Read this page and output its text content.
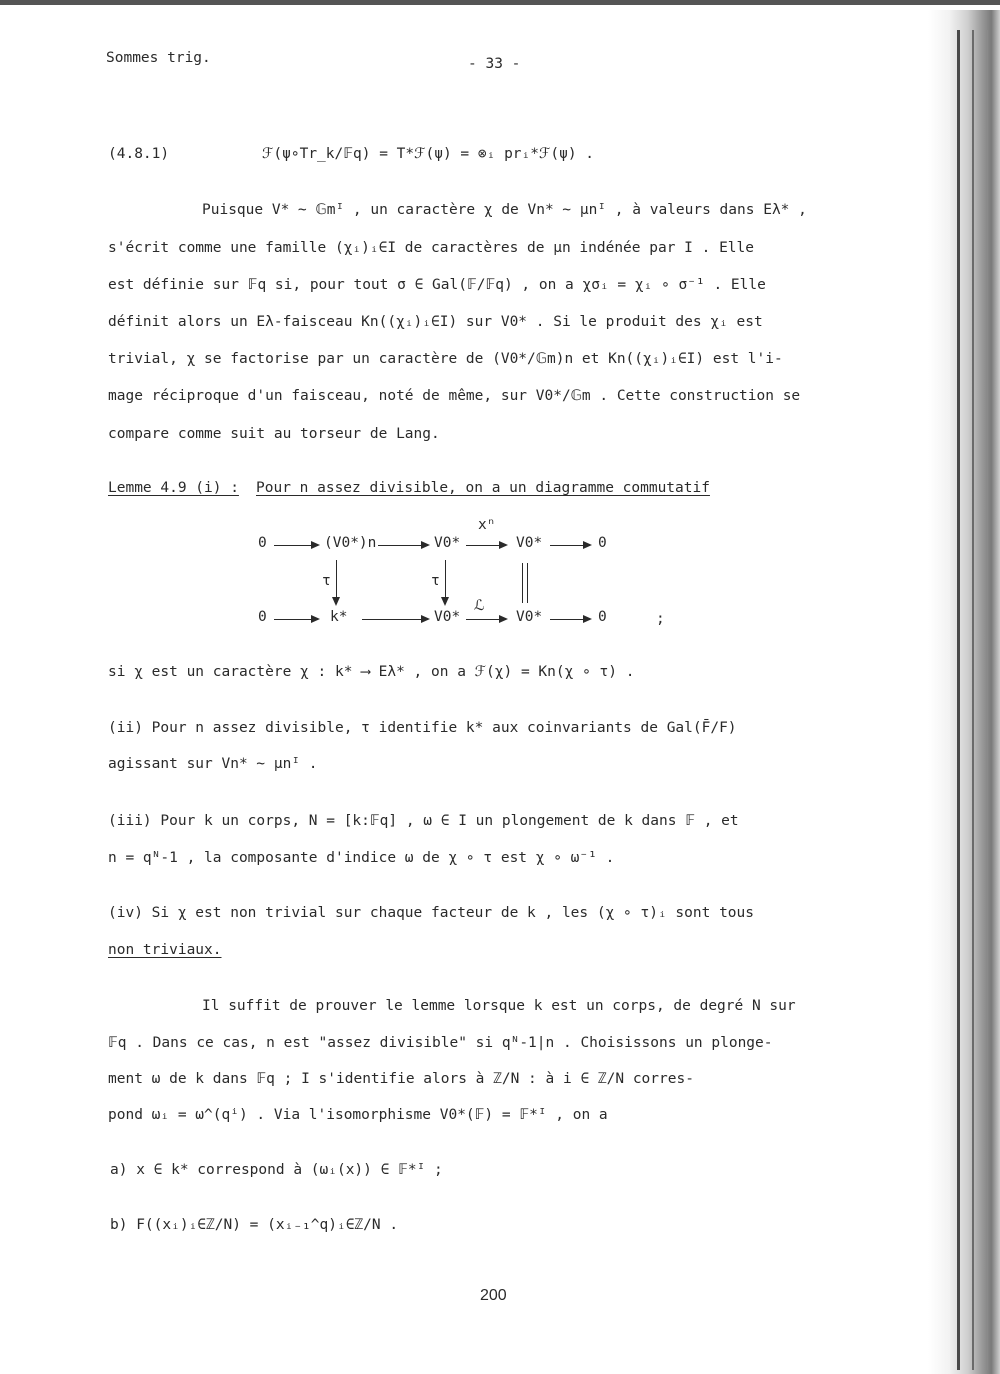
Sommes trig.	- 33 -
(4.8.1)	ℱ(ψ∘Tr_k/𝔽q) = T*ℱ(ψ) = ⊗ᵢ prᵢ*ℱ(ψ) .
Puisque V* ∼ 𝔾mᴵ , un caractère χ de Vn* ∼ μnᴵ , à valeurs dans Eλ* ,
s'écrit comme une famille (χᵢ)ᵢ∈I de caractères de μn indénée par I . Elle
est définie sur 𝔽q si, pour tout σ ∈ Gal(𝔽/𝔽q) , on a χσᵢ = χᵢ ∘ σ⁻¹ . Elle
définit alors un Eλ-faisceau Kn((χᵢ)ᵢ∈I) sur V0* . Si le produit des χᵢ est
trivial, χ se factorise par un caractère de (V0*/𝔾m)n et Kn((χᵢ)ᵢ∈I) est l'i-
mage réciproque d'un faisceau, noté de même, sur V0*/𝔾m . Cette construction se
compare comme suit au torseur de Lang.
Lemme 4.9 (i) : Pour n assez divisible, on a un diagramme commutatif
0	(V0*)n	V0*
xⁿ
V0*	0
τ	τ
0	k*	V0*
ℒ
V0*	0	;
si χ est un caractère χ : k* ⟶ Eλ* , on a ℱ(χ) = Kn(χ ∘ τ) .
(ii) Pour n assez divisible, τ identifie k* aux coinvariants de Gal(F̄/F)
agissant sur Vn* ∼ μnᴵ .
(iii) Pour k un corps, N = [k:𝔽q] , ω ∈ I un plongement de k dans 𝔽 , et
n = qᴺ-1 , la composante d'indice ω de χ ∘ τ est χ ∘ ω⁻¹ .
(iv) Si χ est non trivial sur chaque facteur de k , les (χ ∘ τ)ᵢ sont tous
non triviaux.
Il suffit de prouver le lemme lorsque k est un corps, de degré N sur
𝔽q . Dans ce cas, n est "assez divisible" si qᴺ-1|n . Choisissons un plonge-
ment ω de k dans 𝔽q ; I s'identifie alors à ℤ/N : à i ∈ ℤ/N corres-
pond ωᵢ = ω^(qⁱ) . Via l'isomorphisme V0*(𝔽) = 𝔽*ᴵ , on a
a) x ∈ k* correspond à (ωᵢ(x)) ∈ 𝔽*ᴵ ;
b) F((xᵢ)ᵢ∈ℤ/N) = (xᵢ₋₁^q)ᵢ∈ℤ/N .
200
